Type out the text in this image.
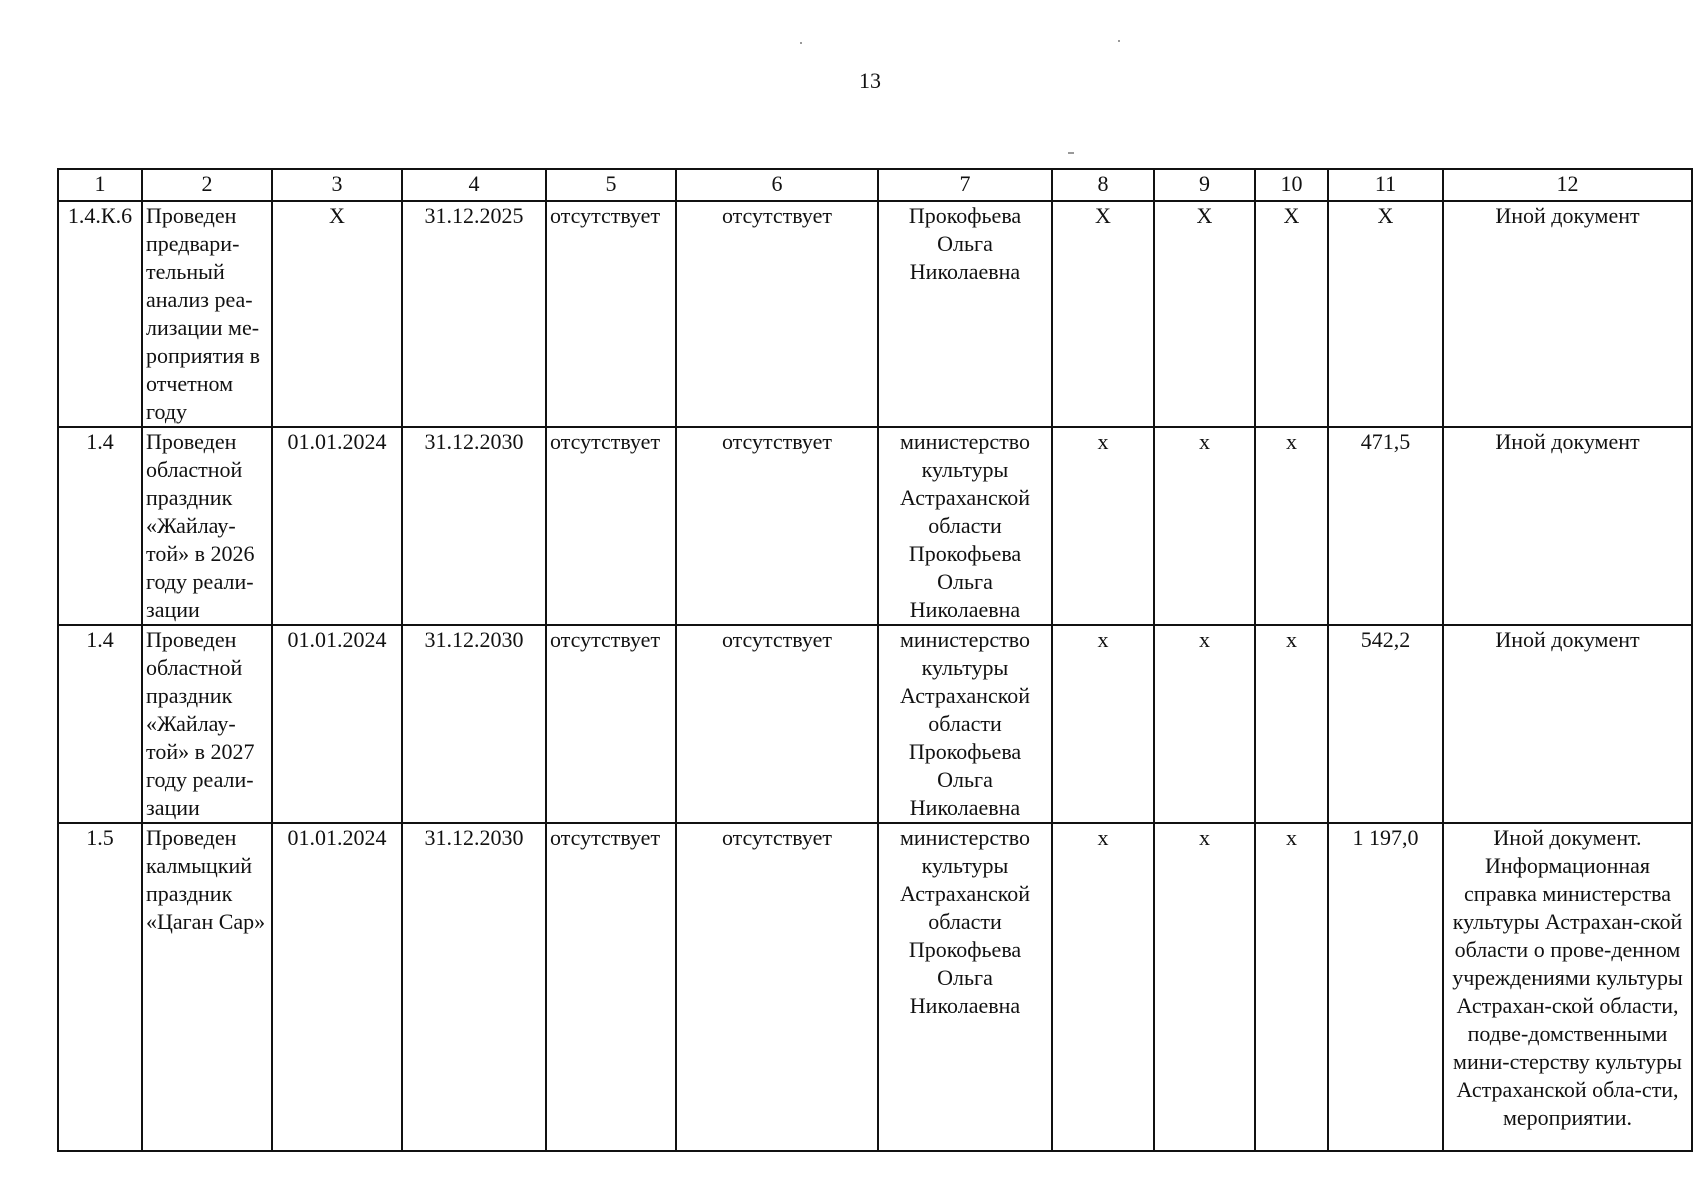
13
1	2	3	4	5	6	7	8	9	10	11	12
1.4.К.6	Проведен предвари-тельный анализ реа-лизации ме-роприятия в отчетном году	Х	31.12.2025	отсутствует	отсутствует	Прокофьева Ольга Николаевна	Х	Х	Х	Х	Иной документ
1.4	Проведен областной праздник «Жайлау-той» в 2026 году реали-зации	01.01.2024	31.12.2030	отсутствует	отсутствует	министерство культуры Астраханской области Прокофьева Ольга Николаевна	х	х	х	471,5	Иной документ
1.4	Проведен областной праздник «Жайлау-той» в 2027 году реали-зации	01.01.2024	31.12.2030	отсутствует	отсутствует	министерство культуры Астраханской области Прокофьева Ольга Николаевна	х	х	х	542,2	Иной документ
1.5	Проведен калмыцкий праздник «Цаган Сар»	01.01.2024	31.12.2030	отсутствует	отсутствует	министерство культуры Астраханской области Прокофьева Ольга Николаевна	х	х	х	1 197,0	Иной документ. Информационная справка министерства культуры Астрахан-ской области о прове-денном учреждениями культуры Астрахан-ской области, подве-домственными мини-стерству культуры Астраханской обла-сти, мероприятии.
